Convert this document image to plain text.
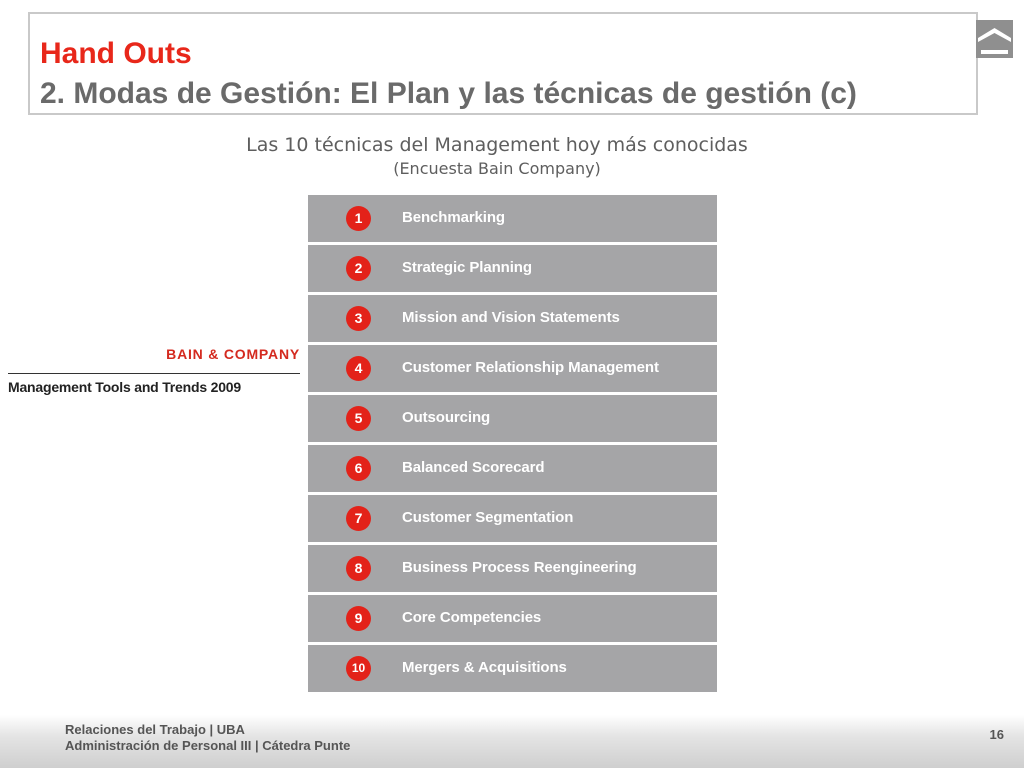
Hand Outs
2. Modas de Gestión: El Plan y las técnicas de gestión (c)
Las 10 técnicas del Management hoy más conocidas
(Encuesta Bain Company)
BAIN & COMPANY
Management Tools and Trends 2009
1	Benchmarking
2	Strategic Planning
3	Mission and Vision Statements
4	Customer Relationship Management
5	Outsourcing
6	Balanced Scorecard
7	Customer Segmentation
8	Business Process Reengineering
9	Core Competencies
10	Mergers & Acquisitions
Relaciones del Trabajo | UBA
Administración de Personal III | Cátedra Punte
16
